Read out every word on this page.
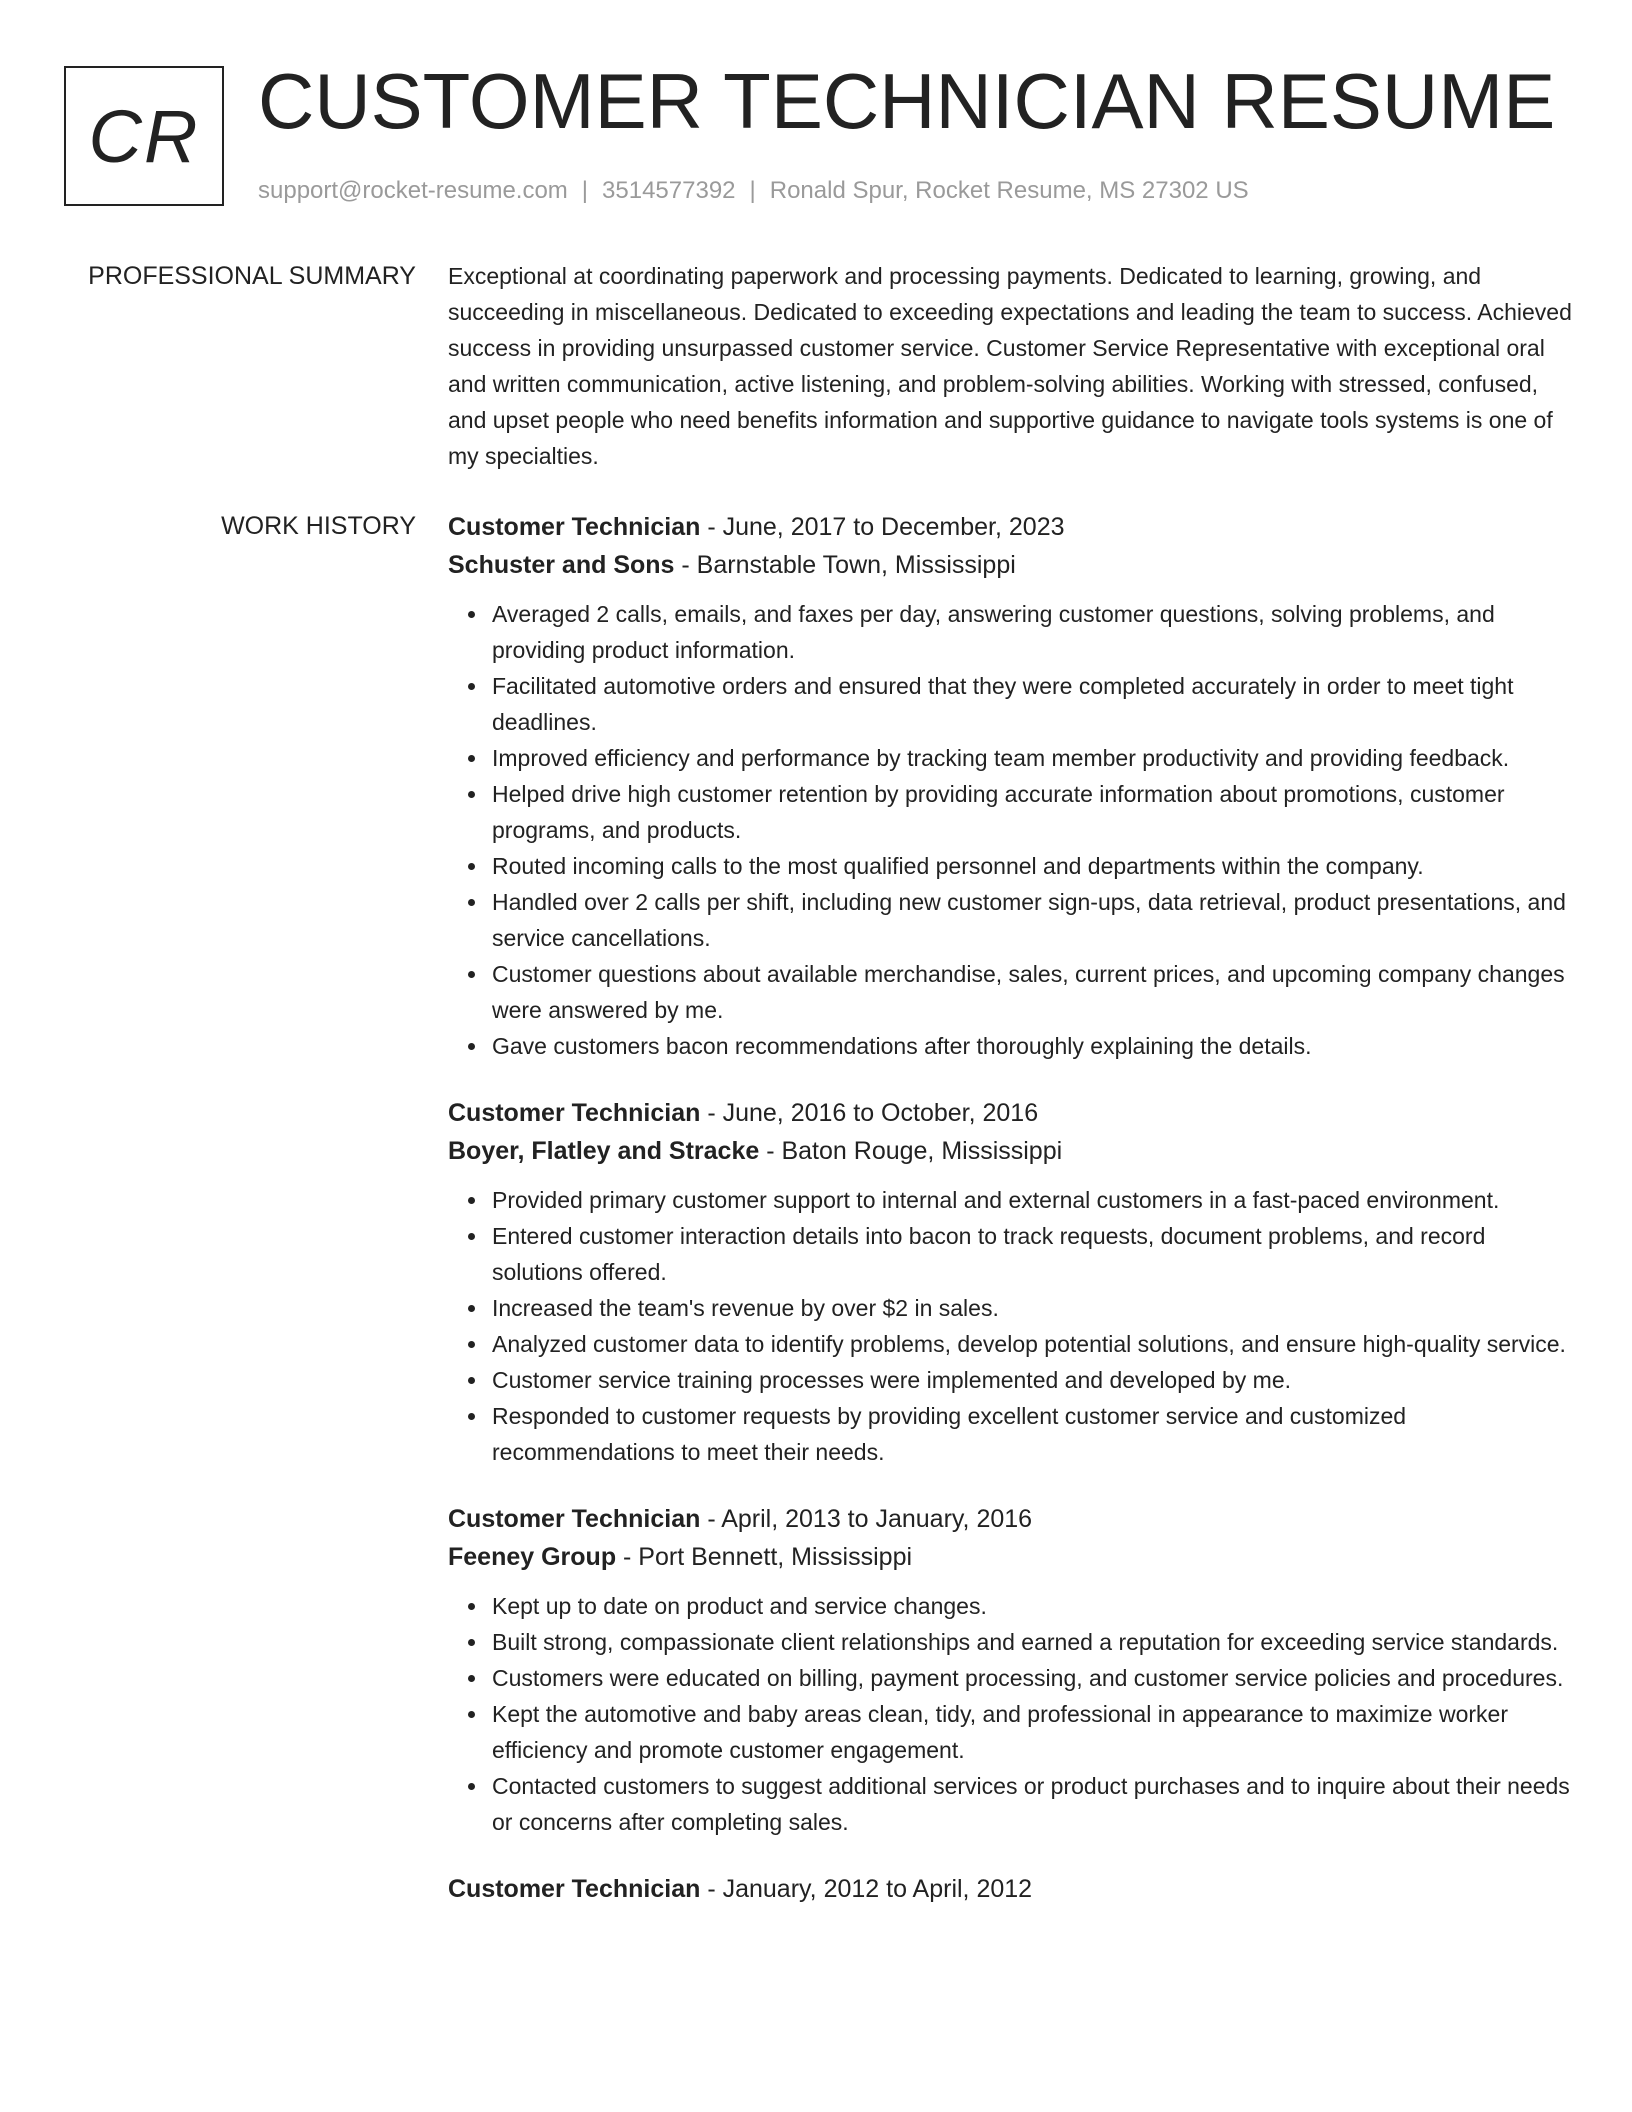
CR CUSTOMER TECHNICIAN RESUME
support@rocket-resume.com | 3514577392 | Ronald Spur, Rocket Resume, MS 27302 US
PROFESSIONAL SUMMARY Exceptional at coordinating paperwork and processing payments. Dedicated to learning, growing, and succeeding in miscellaneous. Dedicated to exceeding expectations and leading the team to success. Achieved success in providing unsurpassed customer service. Customer Service Representative with exceptional oral and written communication, active listening, and problem-solving abilities. Working with stressed, confused, and upset people who need benefits information and supportive guidance to navigate tools systems is one of my specialties.

WORK HISTORY Customer Technician - June, 2017 to December, 2023
Schuster and Sons - Barnstable Town, Mississippi
Averaged 2 calls, emails, and faxes per day, answering customer questions, solving problems, and providing product information.
Facilitated automotive orders and ensured that they were completed accurately in order to meet tight deadlines.
Improved efficiency and performance by tracking team member productivity and providing feedback.
Helped drive high customer retention by providing accurate information about promotions, customer programs, and products.
Routed incoming calls to the most qualified personnel and departments within the company.
Handled over 2 calls per shift, including new customer sign-ups, data retrieval, product presentations, and service cancellations.
Customer questions about available merchandise, sales, current prices, and upcoming company changes were answered by me.
Gave customers bacon recommendations after thoroughly explaining the details.
Customer Technician - June, 2016 to October, 2016
Boyer, Flatley and Stracke - Baton Rouge, Mississippi
Provided primary customer support to internal and external customers in a fast-paced environment.
Entered customer interaction details into bacon to track requests, document problems, and record solutions offered.
Increased the team's revenue by over $2 in sales.
Analyzed customer data to identify problems, develop potential solutions, and ensure high-quality service.
Customer service training processes were implemented and developed by me.
Responded to customer requests by providing excellent customer service and customized recommendations to meet their needs.
Customer Technician - April, 2013 to January, 2016
Feeney Group - Port Bennett, Mississippi
Kept up to date on product and service changes.
Built strong, compassionate client relationships and earned a reputation for exceeding service standards.
Customers were educated on billing, payment processing, and customer service policies and procedures.
Kept the automotive and baby areas clean, tidy, and professional in appearance to maximize worker efficiency and promote customer engagement.
Contacted customers to suggest additional services or product purchases and to inquire about their needs or concerns after completing sales.
Customer Technician - January, 2012 to April, 2012
